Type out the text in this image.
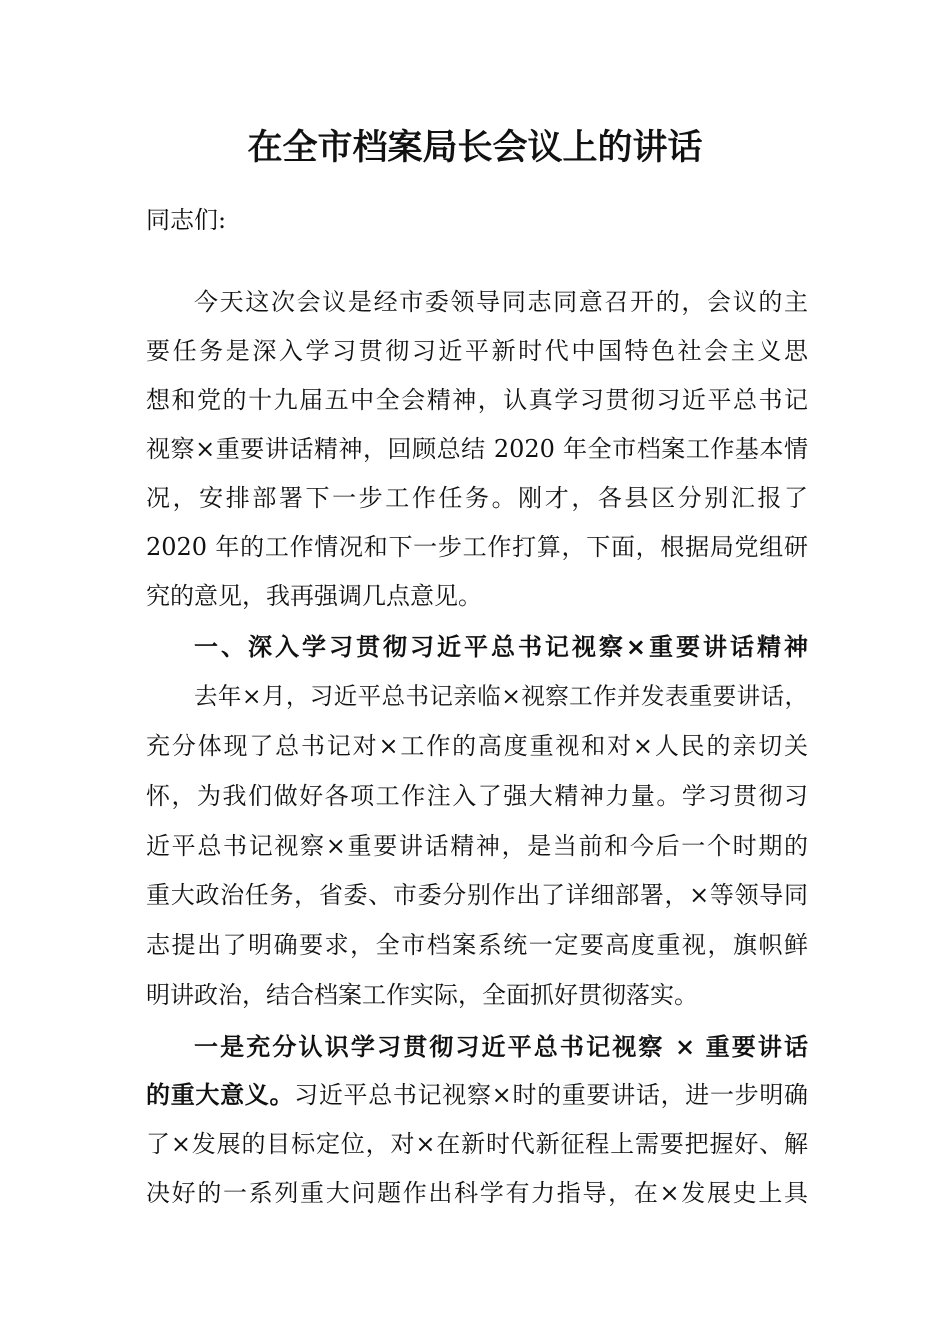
在全市档案局长会议上的讲话
同志们:
今天这次会议是经市委领导同志同意召开的，会议的主
要任务是深入学习贯彻习近平新时代中国特色社会主义思
想和党的十九届五中全会精神，认真学习贯彻习近平总书记
视察×重要讲话精神，回顾总结 2020 年全市档案工作基本情
况，安排部署下一步工作任务。刚才，各县区分别汇报了
2020 年的工作情况和下一步工作打算，下面，根据局党组研
究的意见，我再强调几点意见。
一、深入学习贯彻习近平总书记视察×重要讲话精神
去年×月，习近平总书记亲临×视察工作并发表重要讲话，
充分体现了总书记对×工作的高度重视和对×人民的亲切关
怀，为我们做好各项工作注入了强大精神力量。学习贯彻习
近平总书记视察×重要讲话精神，是当前和今后一个时期的
重大政治任务，省委、市委分别作出了详细部署，×等领导同
志提出了明确要求，全市档案系统一定要高度重视，旗帜鲜
明讲政治，结合档案工作实际，全面抓好贯彻落实。
一是充分认识学习贯彻习近平总书记视察 × 重要讲话
的重大意义。习近平总书记视察×时的重要讲话，进一步明确
了×发展的目标定位，对×在新时代新征程上需要把握好、解
决好的一系列重大问题作出科学有力指导，在×发展史上具
